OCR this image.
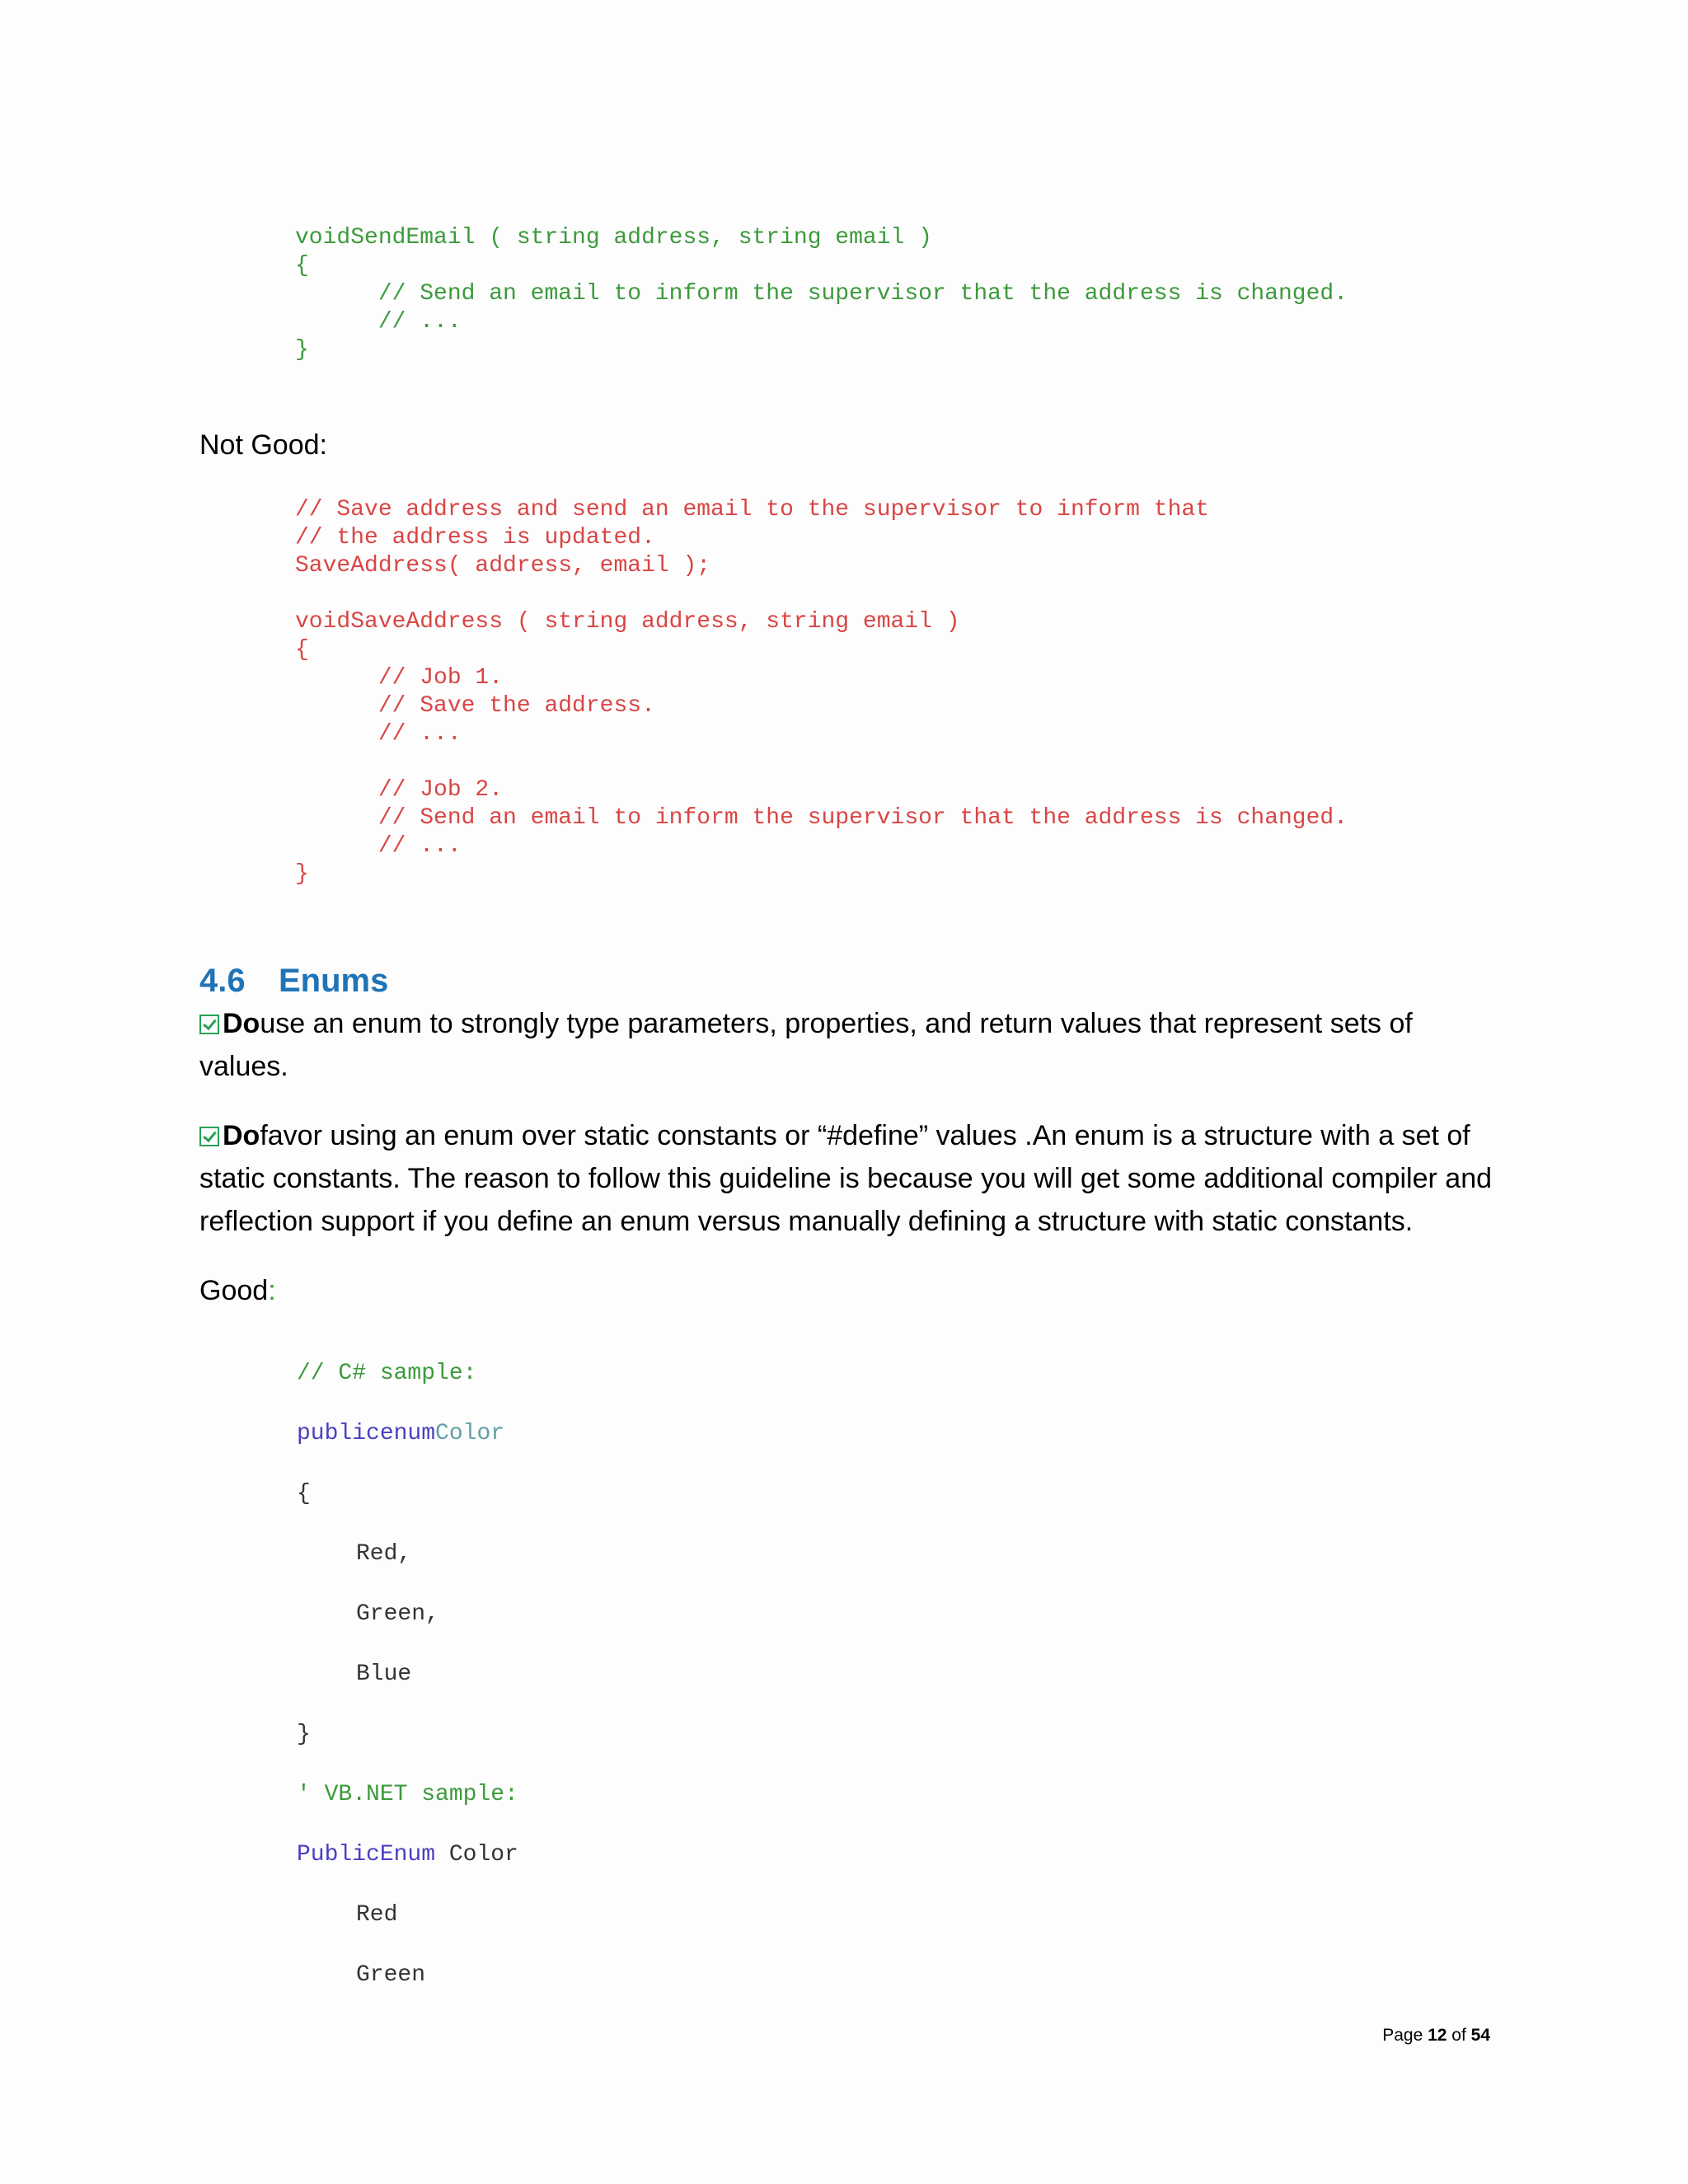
voidSendEmail ( string address, string email )
{
// Send an email to inform the supervisor that the address is changed.
// ...
}
Not Good:
// Save address and send an email to the supervisor to inform that
// the address is updated.
SaveAddress( address, email );
voidSaveAddress ( string address, string email )
{
// Job 1.
// Save the address.
// ...
// Job 2.
// Send an email to inform the supervisor that the address is changed.
// ...
}
4.6 Enums
Douse an enum to strongly type parameters, properties, and return values that represent sets of values.
Dofavor using an enum over static constants or “#define” values .An enum is a structure with a set of static constants. The reason to follow this guideline is because you will get some additional compiler and reflection support if you define an enum versus manually defining a structure with static constants.
Good:
// C# sample:
publicenumColor
{
Red,
Green,
Blue
}
' VB.NET sample:
PublicEnum Color
Red
Green
Page 12 of 54
